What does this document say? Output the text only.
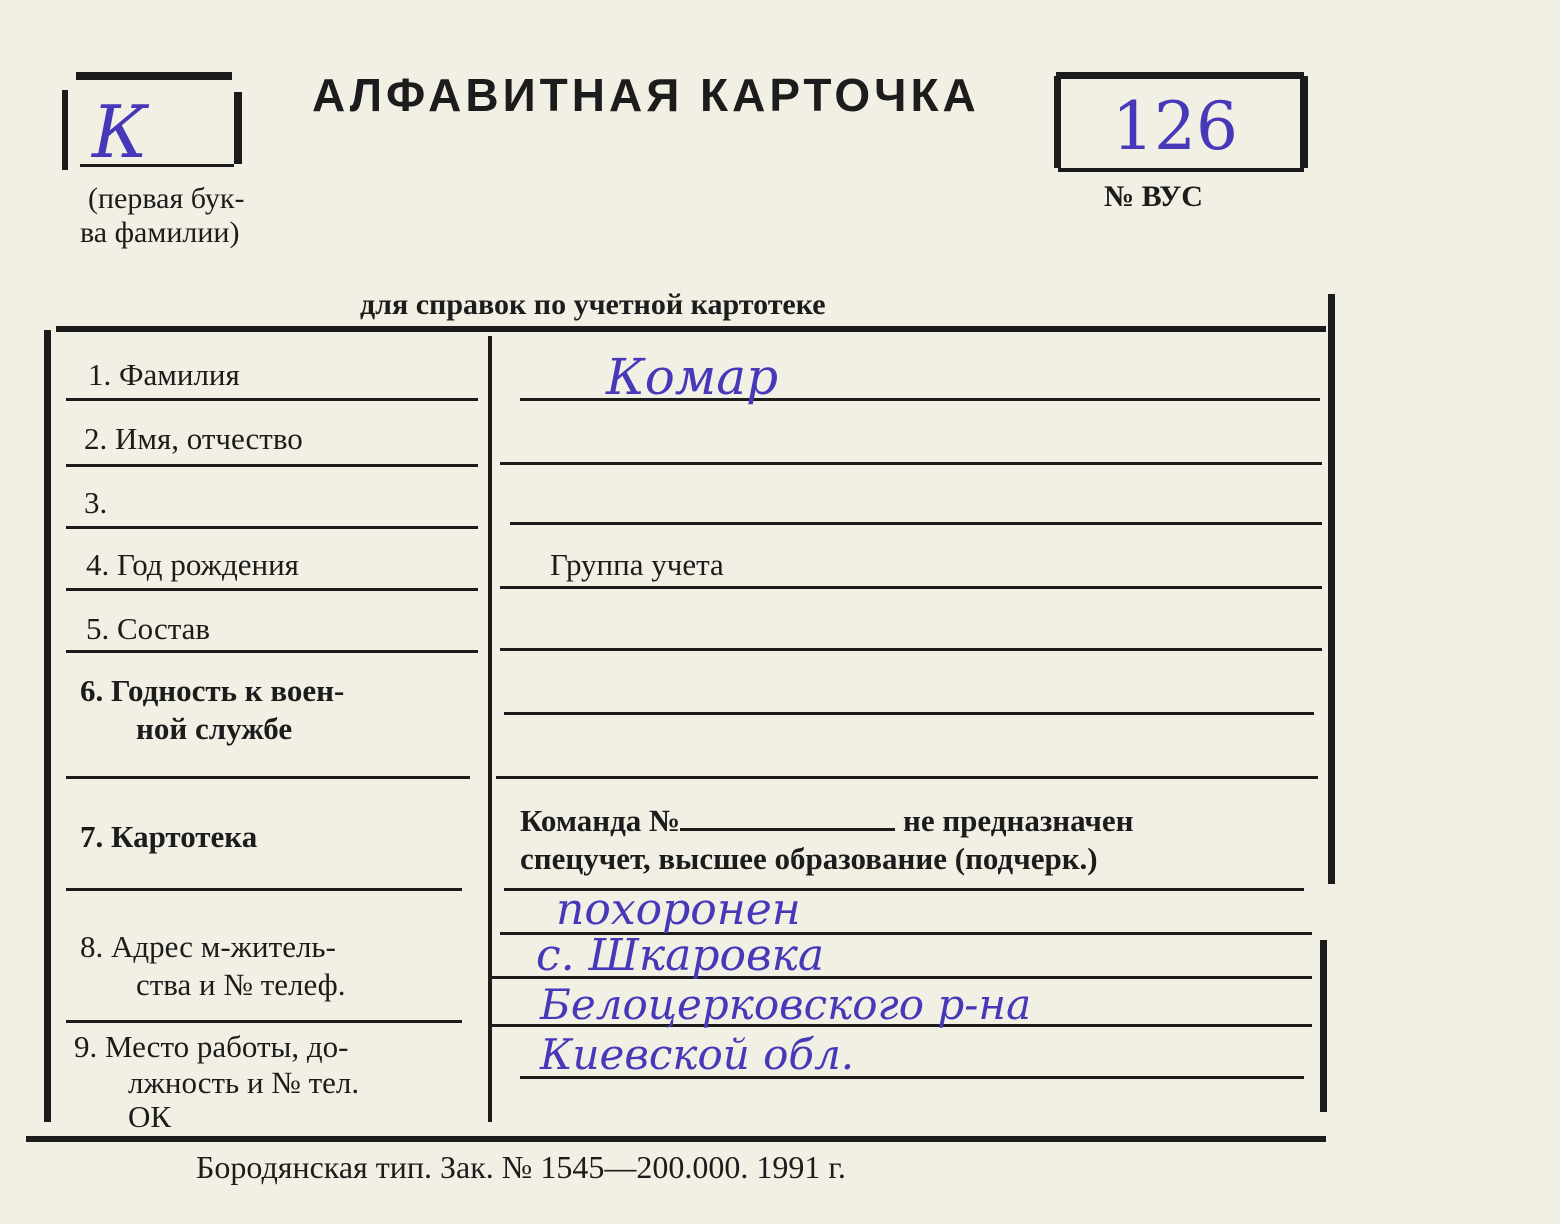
К
(первая бук-
ва фамилии)
АЛФАВИТНАЯ КАРТОЧКА 126
№ ВУС
для справок по учетной картотеке
1. Фамилия
2. Имя, отчество
3.
4. Год рождения
5. Состав
6. Годность к воен-
ной службе
7. Картотека
8. Адрес м-житель-
ства и № телеф.
9. Место работы, до-
лжность и № тел.
ОК
Группа учета
Команда №	не предназначен
спецучет, высшее образование (подчерк.)
Комар
похоронен
с. Шкаровка
Белоцерковского р-на
Киевской обл.
Бородянская тип. Зак. № 1545—200.000. 1991 г.
